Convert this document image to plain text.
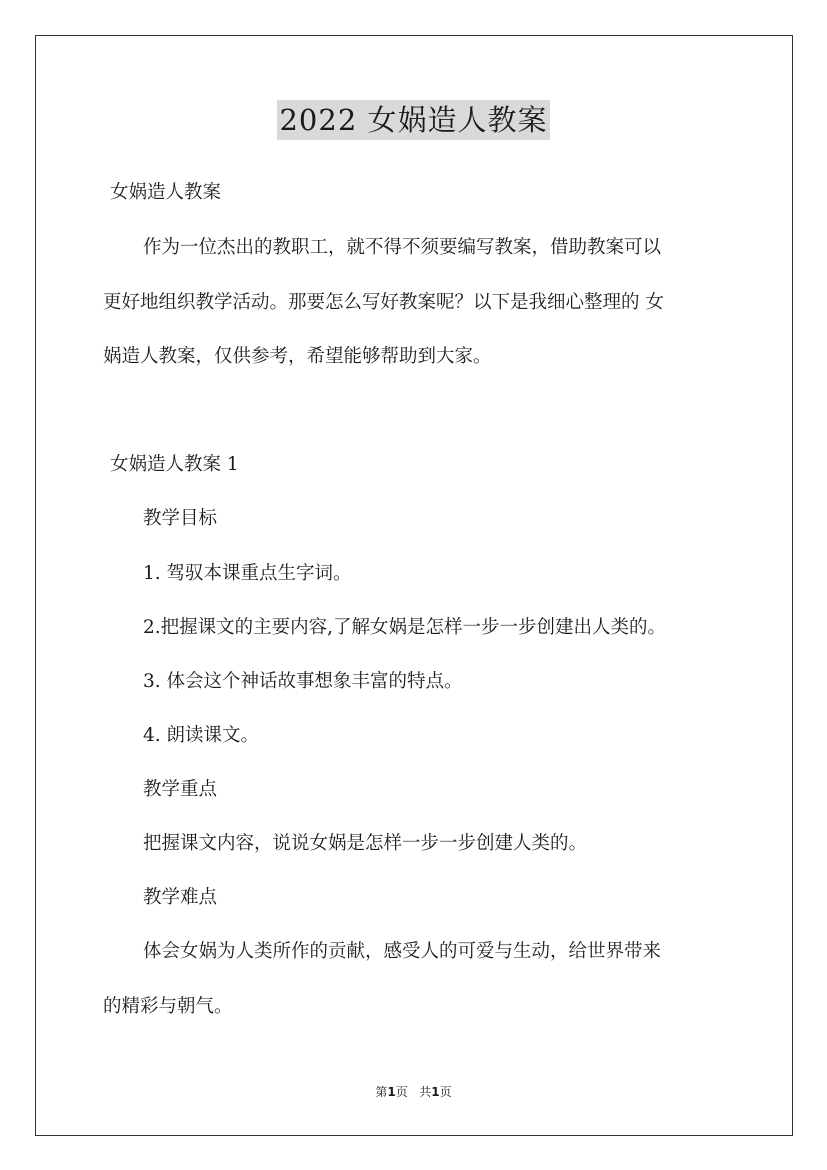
2022 女娲造人教案
女娲造人教案
作为一位杰出的教职工，就不得不须要编写教案，借助教案可以
更好地组织教学活动。那要怎么写好教案呢？以下是我细心整理的 女
娲造人教案，仅供参考，希望能够帮助到大家。
女娲造人教案 1
教学目标
1. 驾驭本课重点生字词。
2.把握课文的主要内容,了解女娲是怎样一步一步创建出人类的。
3. 体会这个神话故事想象丰富的特点。
4. 朗读课文。
教学重点
把握课文内容，说说女娲是怎样一步一步创建人类的。
教学难点
体会女娲为人类所作的贡献，感受人的可爱与生动，给世界带来
的精彩与朝气。
第1页 共1页
